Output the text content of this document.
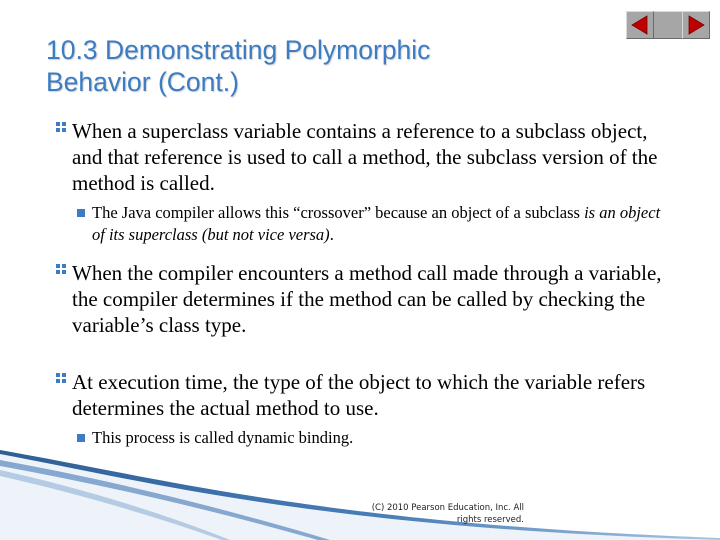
10.3 Demonstrating Polymorphic
Behavior (Cont.)
When a superclass variable contains a reference to a subclass object, and that reference is used to call a method, the subclass version of the method is called.
The Java compiler allows this “crossover” because an object of a subclass is an object of its superclass (but not vice versa).
When the compiler encounters a method call made through a variable, the compiler determines if the method can be called by checking the variable’s class type.
At execution time, the type of the object to which the variable refers determines the actual method to use.
This process is called dynamic binding.
(C) 2010 Pearson Education, Inc. All
rights reserved.
